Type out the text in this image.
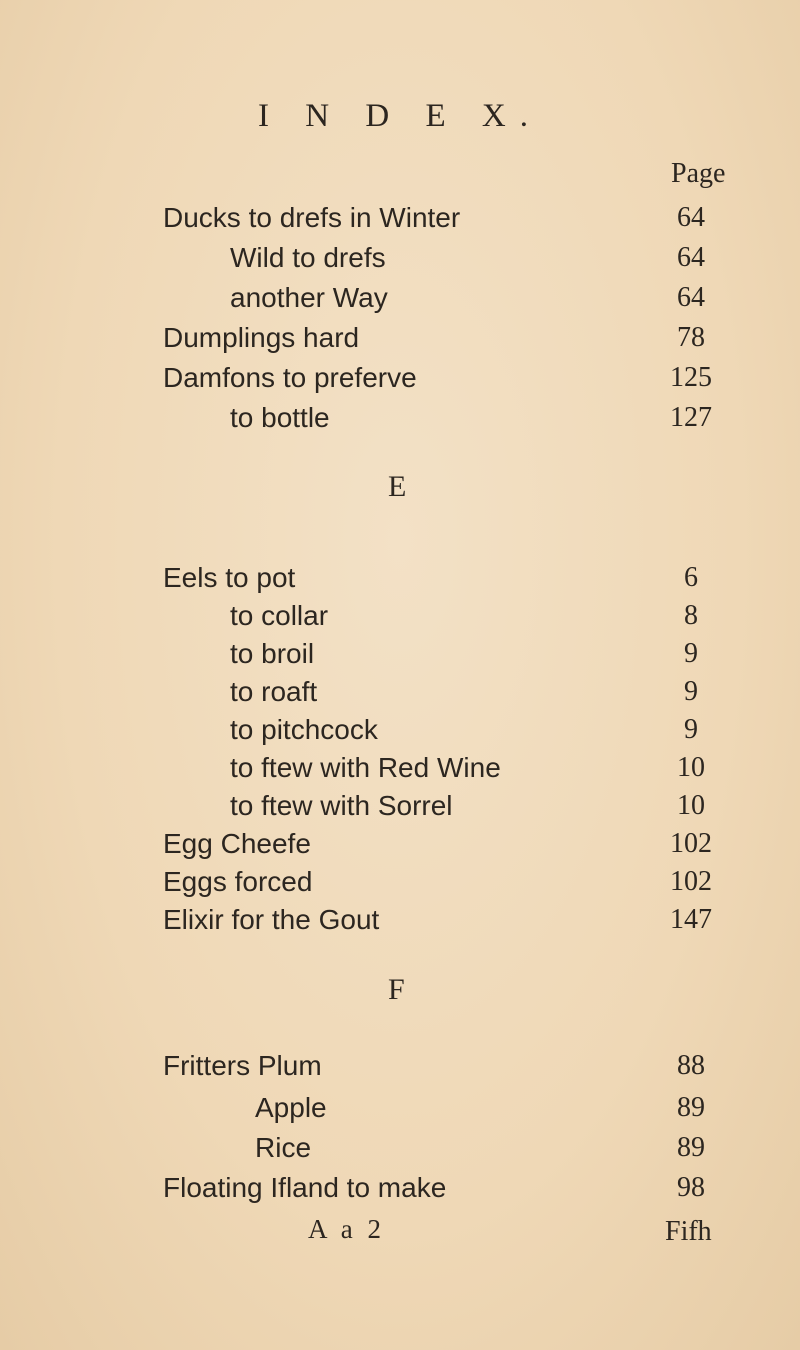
I N D E X.
Page
Ducks to drefs in Winter	64
Wild to drefs	64
another Way	64
Dumplings hard	78
Damfons to preferve	125
to bottle	127
E
Eels to pot	6
to collar	8
to broil	9
to roaft	9
to pitchcock	9
to ftew with Red Wine	10
to ftew with Sorrel	10
Egg Cheefe	102
Eggs forced	102
Elixir for the Gout	147
F
Fritters Plum	88
Apple	89
Rice	89
Floating Ifland to make	98
A a 2	Fifh
